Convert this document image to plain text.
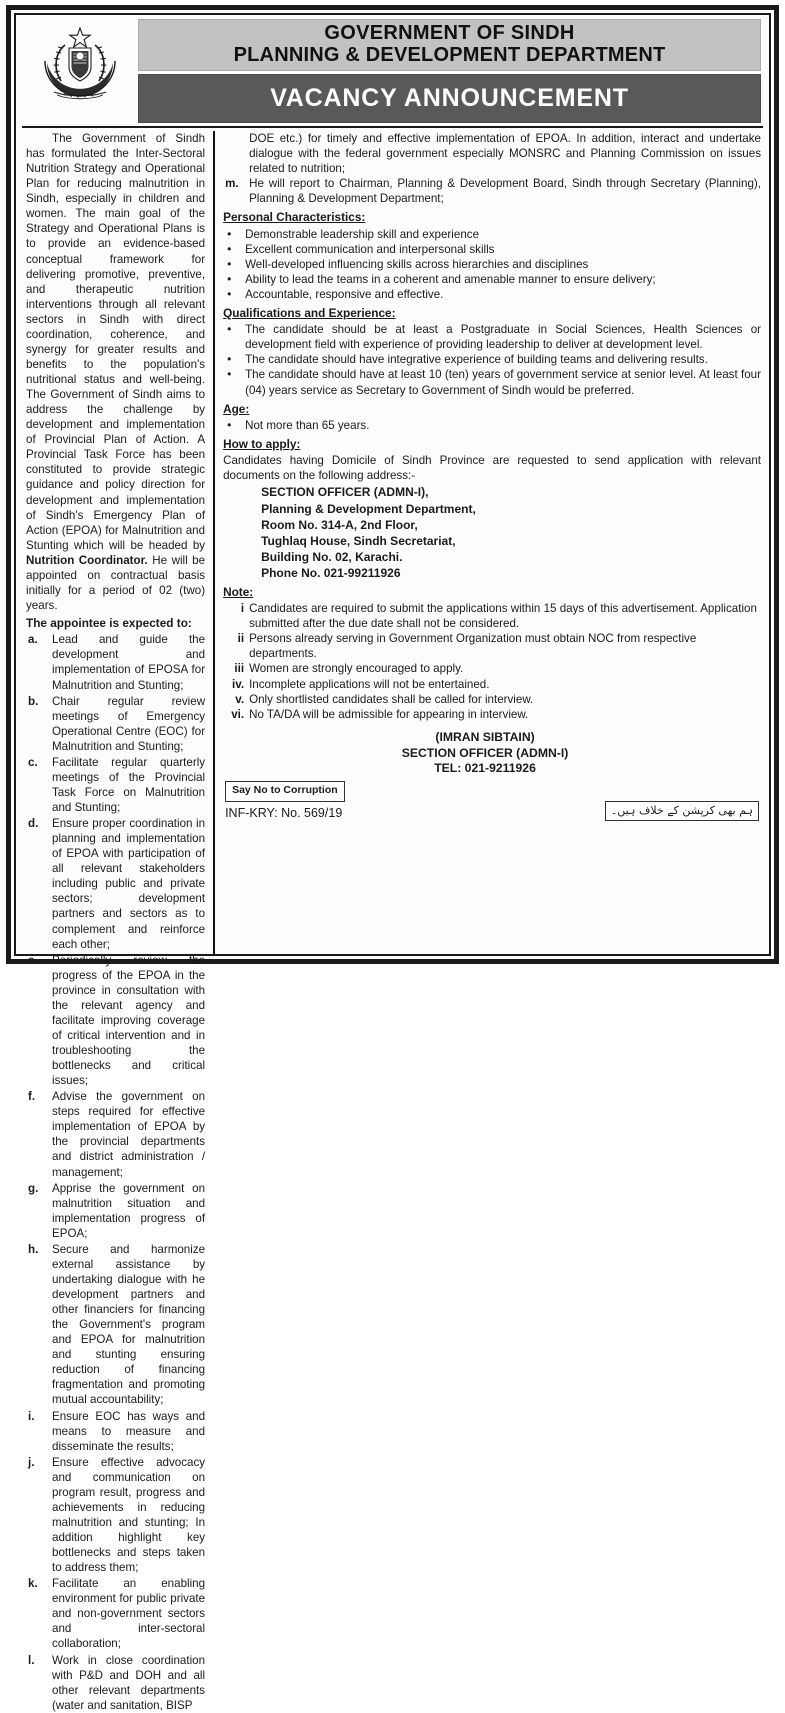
GOVERNMENT OF SINDH
PLANNING & DEVELOPMENT DEPARTMENT
VACANCY ANNOUNCEMENT

The Government of Sindh has formulated the Inter-Sectoral Nutrition Strategy and Operational Plan for reducing malnutrition in Sindh, especially in children and women. The main goal of the Strategy and Operational Plans is to provide an evidence-based conceptual framework for delivering promotive, preventive, and therapeutic nutrition interventions through all relevant sectors in Sindh with direct coordination, coherence, and synergy for greater results and benefits to the population's nutritional status and well-being. The Government of Sindh aims to address the challenge by development and implementation of Provincial Plan of Action. A Provincial Task Force has been constituted to provide strategic guidance and policy direction for development and implementation of Sindh's Emergency Plan of Action (EPOA) for Malnutrition and Stunting which will be headed by Nutrition Coordinator. He will be appointed on contractual basis initially for a period of 02 (two) years.

The appointee is expected to:
a.	Lead and guide the development and implementation of EPOSA for Malnutrition and Stunting;
b.	Chair regular review meetings of Emergency Operational Centre (EOC) for Malnutrition and Stunting;
c.	Facilitate regular quarterly meetings of the Provincial Task Force on Malnutrition and Stunting;
d.	Ensure proper coordination in planning and implementation of EPOA with participation of all relevant stakeholders including public and private sectors; development partners and sectors as to complement and reinforce each other;
e.	Periodically review the progress of the EPOA in the province in consultation with the relevant agency and facilitate improving coverage of critical intervention and in troubleshooting the bottlenecks and critical issues;
f.	Advise the government on steps required for effective implementation of EPOA by the provincial departments and district administration / management;
g.	Apprise the government on malnutrition situation and implementation progress of EPOA;
h.	Secure and harmonize external assistance by undertaking dialogue with he development partners and other financiers for financing the Government's program and EPOA for malnutrition and stunting ensuring reduction of financing fragmentation and promoting mutual accountability;
i.	Ensure EOC has ways and means to measure and disseminate the results;
j.	Ensure effective advocacy and communication on program result, progress and achievements in reducing malnutrition and stunting; In addition highlight key bottlenecks and steps taken to address them;
k.	Facilitate an enabling environment for public private and non-government sectors and inter-sectoral collaboration;
l.	Work in close coordination with P&D and DOH and all other relevant departments (water and sanitation, BISP
DOE etc.) for timely and effective implementation of EPOA. In addition, interact and undertake dialogue with the federal government especially MONSRC and Planning Commission on issues related to nutrition;
m. He will report to Chairman, Planning & Development Board, Sindh through Secretary (Planning), Planning & Development Department;
Personal Characteristics:
•	Demonstrable leadership skill and experience
•	Excellent communication and interpersonal skills
•	Well-developed influencing skills across hierarchies and disciplines
•	Ability to lead the teams in a coherent and amenable manner to ensure delivery;
•	Accountable, responsive and effective.
Qualifications and Experience:
•	The candidate should be at least a Postgraduate in Social Sciences, Health Sciences or development field with experience of providing leadership to deliver at development level.
•	The candidate should have integrative experience of building teams and delivering results.
•	The candidate should have at least 10 (ten) years of government service at senior level. At least four (04) years service as Secretary to Government of Sindh would be preferred.
Age:
•	Not more than 65 years.
How to apply:
Candidates having Domicile of Sindh Province are requested to send application with relevant documents on the following address:-
SECTION OFFICER (ADMN-I),
Planning & Development Department,
Room No. 314-A, 2nd Floor,
Tughlaq House, Sindh Secretariat,
Building No. 02, Karachi.
Phone No. 021-99211926
Note:
i Candidates are required to submit the applications within 15 days of this advertisement. Application submitted after the due date shall not be considered.
ii Persons already serving in Government Organization must obtain NOC from respective departments.
iii Women are strongly encouraged to apply.
iv. Incomplete applications will not be entertained.
v. Only shortlisted candidates shall be called for interview.
vi. No TA/DA will be admissible for appearing in interview.
(IMRAN SIBTAIN)
SECTION OFFICER (ADMN-I)
TEL: 021-9211926
Say No to Corruption
INF-KRY: No. 569/19	ہم بھی کرپشن کے خلاف ہیں۔
